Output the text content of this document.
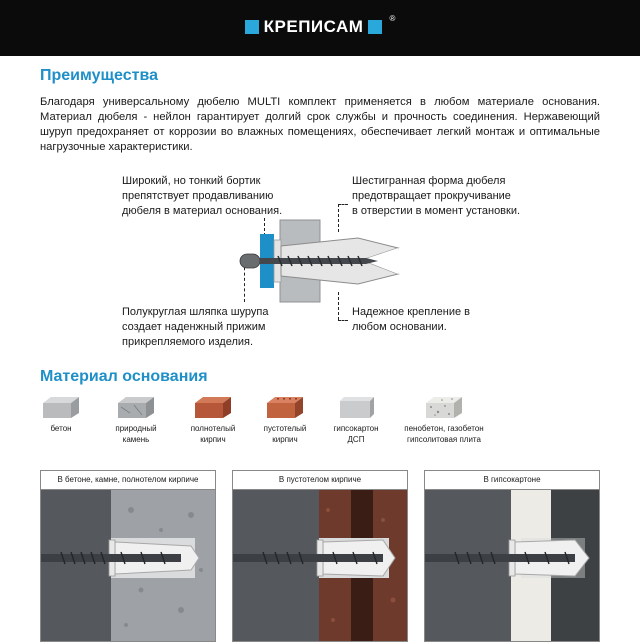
КРЕПИСАМ	®
Преимущества

Благодаря универсальному дюбелю MULTI комплект применяется в любом материале основания. Материал дюбеля - нейлон гарантирует долгий срок службы и прочность соединения. Нержавеющий шуруп предохраняет от коррозии во влажных помещениях, обеспечивает легкий монтаж и оптимальные нагрузочные характеристики.

Широкий, но тонкий бортик
препятствует продавливанию
дюбеля в материал основания.
Шестигранная форма дюбеля
предотвращает прокручивание
в отверстии в момент установки.
Полукруглая шляпка шурупа
создает наденжный прижим
прикрепляемого изделия.
Надежное крепление в
любом основании.
Материал основания
бетон	природный
камень
полнотелый
кирпич
пустотелый
кирпич
гипсокартон
ДСП
пенобетон, газобетон
гипсолитовая плита
В бетоне, камне, полнотелом кирпиче	В пустотелом кирпиче	В гипсокартоне
